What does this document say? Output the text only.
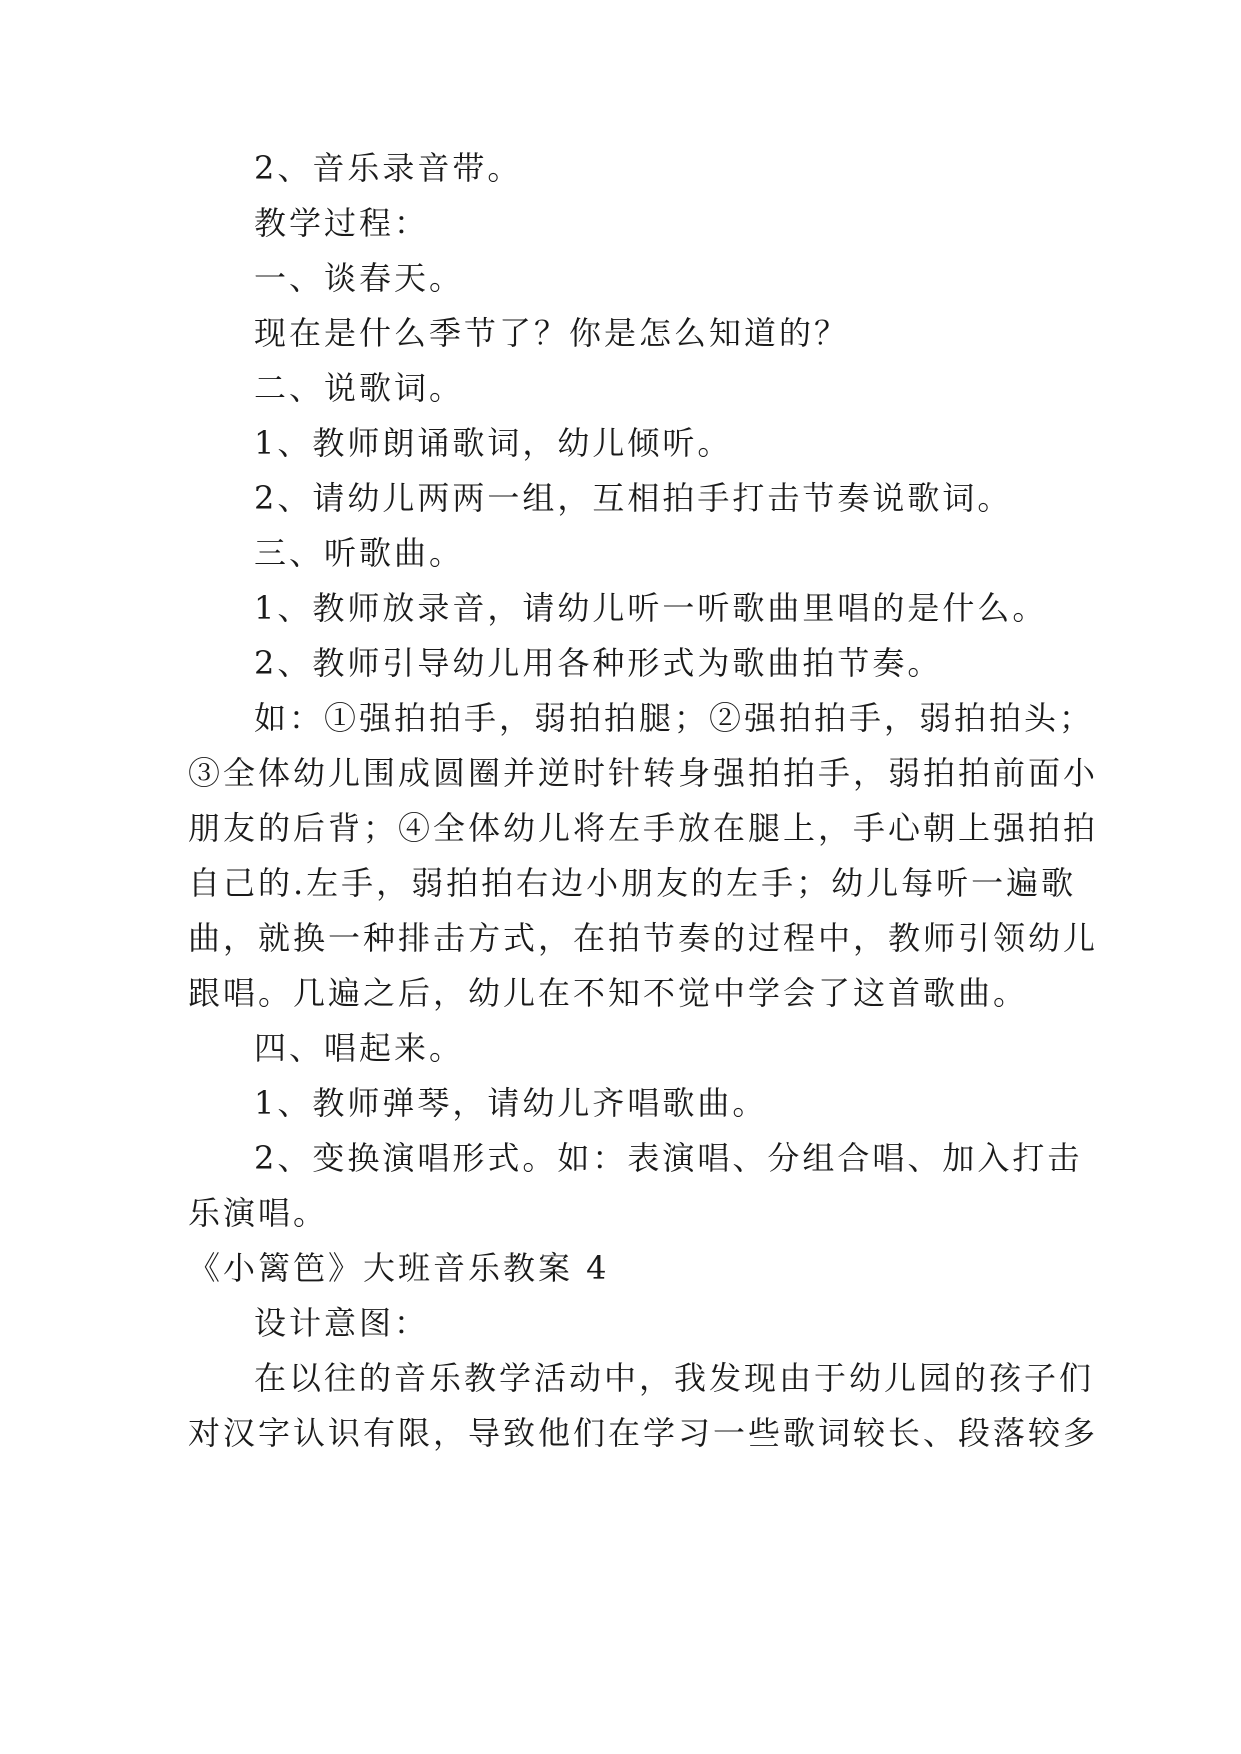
2、音乐录音带。
教学过程：
一、谈春天。
现在是什么季节了？你是怎么知道的？
二、说歌词。
1、教师朗诵歌词，幼儿倾听。
2、请幼儿两两一组，互相拍手打击节奏说歌词。
三、听歌曲。
1、教师放录音，请幼儿听一听歌曲里唱的是什么。
2、教师引导幼儿用各种形式为歌曲拍节奏。
如：①强拍拍手，弱拍拍腿；②强拍拍手，弱拍拍头；
③全体幼儿围成圆圈并逆时针转身强拍拍手，弱拍拍前面小
朋友的后背；④全体幼儿将左手放在腿上，手心朝上强拍拍
自己的.左手，弱拍拍右边小朋友的左手；幼儿每听一遍歌
曲，就换一种排击方式，在拍节奏的过程中，教师引领幼儿
跟唱。几遍之后，幼儿在不知不觉中学会了这首歌曲。
四、唱起来。
1、教师弹琴，请幼儿齐唱歌曲。
2、变换演唱形式。如：表演唱、分组合唱、加入打击
乐演唱。
《小篱笆》大班音乐教案 4
设计意图：
在以往的音乐教学活动中，我发现由于幼儿园的孩子们
对汉字认识有限，导致他们在学习一些歌词较长、段落较多
